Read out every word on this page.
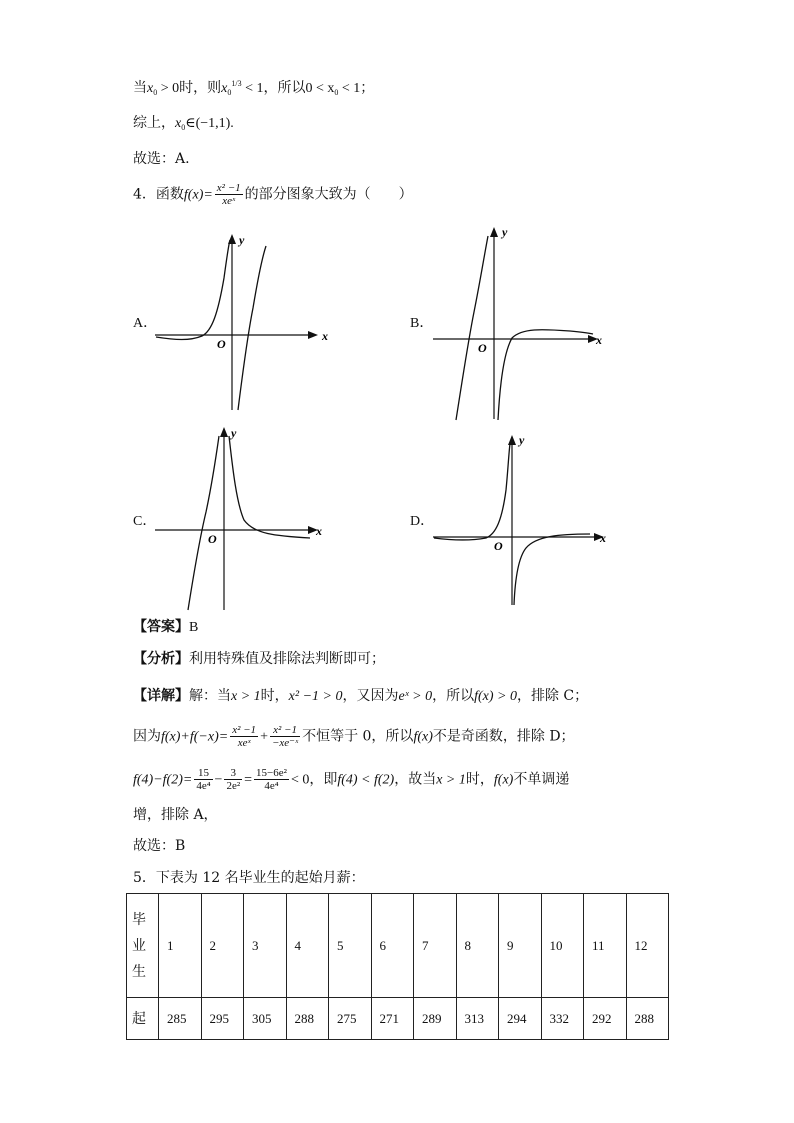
当$x_0 > 0$时，则$x_0^{1/3} < 1$，所以$0 < x_0 < 1$；
综上，$x_0\in(-1,1)$.
故选：A.
4．函数$f(x)= \frac{\text{x² −1}}{\text{xeˣ}}$ 的部分图象大致为（　　）
A．
x
y
O
B．
x
y
O
C．
x
y
O
D．
x
y
O
【答案】B
【分析】利用特殊值及排除法判断即可；
【详解】解：当x > 1时，x² −1 > 0，又因为eˣ > 0，所以f(x) > 0，排除 C；
因为$f(x)+f(-x)= \frac{\text{x² −1}}{\text{xeˣ}} + \frac{\text{x² −1}}{\text{−xe⁻ˣ}}$ 不恒等于 0，所以f(x)不是奇函数，排除 D；
$f(4)-f(2)= \frac{15}{\text{4e⁴}} - \frac{3}{\text{2e²}} = \frac{\text{15−6e²}}{\text{4e⁴}} < 0$，即f(4) < f(2)，故当x > 1时，f(x)不单调递
增，排除 A，
故选：B
5．下表为 12 名毕业生的起始月薪：
毕
业
生	1	2	3	4	5	6	7	8	9	10	11	12
起	285	295	305	288	275	271	289	313	294	332	292	288
